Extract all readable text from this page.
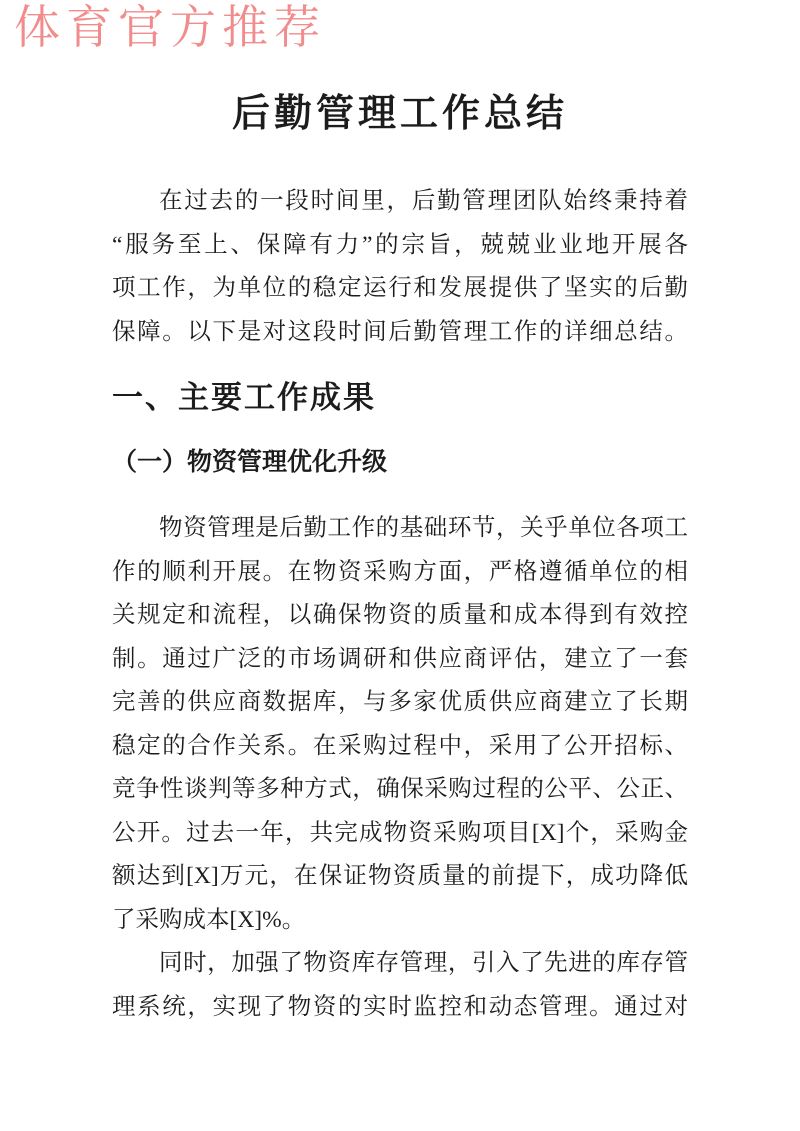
体育官方推荐
后勤管理工作总结
在过去的一段时间里，后勤管理团队始终秉持着
“服务至上、保障有力”的宗旨，兢兢业业地开展各
项工作，为单位的稳定运行和发展提供了坚实的后勤
保障。以下是对这段时间后勤管理工作的详细总结。
一、主要工作成果
（一）物资管理优化升级
物资管理是后勤工作的基础环节，关乎单位各项工
作的顺利开展。在物资采购方面，严格遵循单位的相
关规定和流程，以确保物资的质量和成本得到有效控
制。通过广泛的市场调研和供应商评估，建立了一套
完善的供应商数据库，与多家优质供应商建立了长期
稳定的合作关系。在采购过程中，采用了公开招标、
竞争性谈判等多种方式，确保采购过程的公平、公正、
公开。过去一年，共完成物资采购项目[X]个，采购金
额达到[X]万元，在保证物资质量的前提下，成功降低
了采购成本[X]%。
同时，加强了物资库存管理，引入了先进的库存管
理系统，实现了物资的实时监控和动态管理。通过对
